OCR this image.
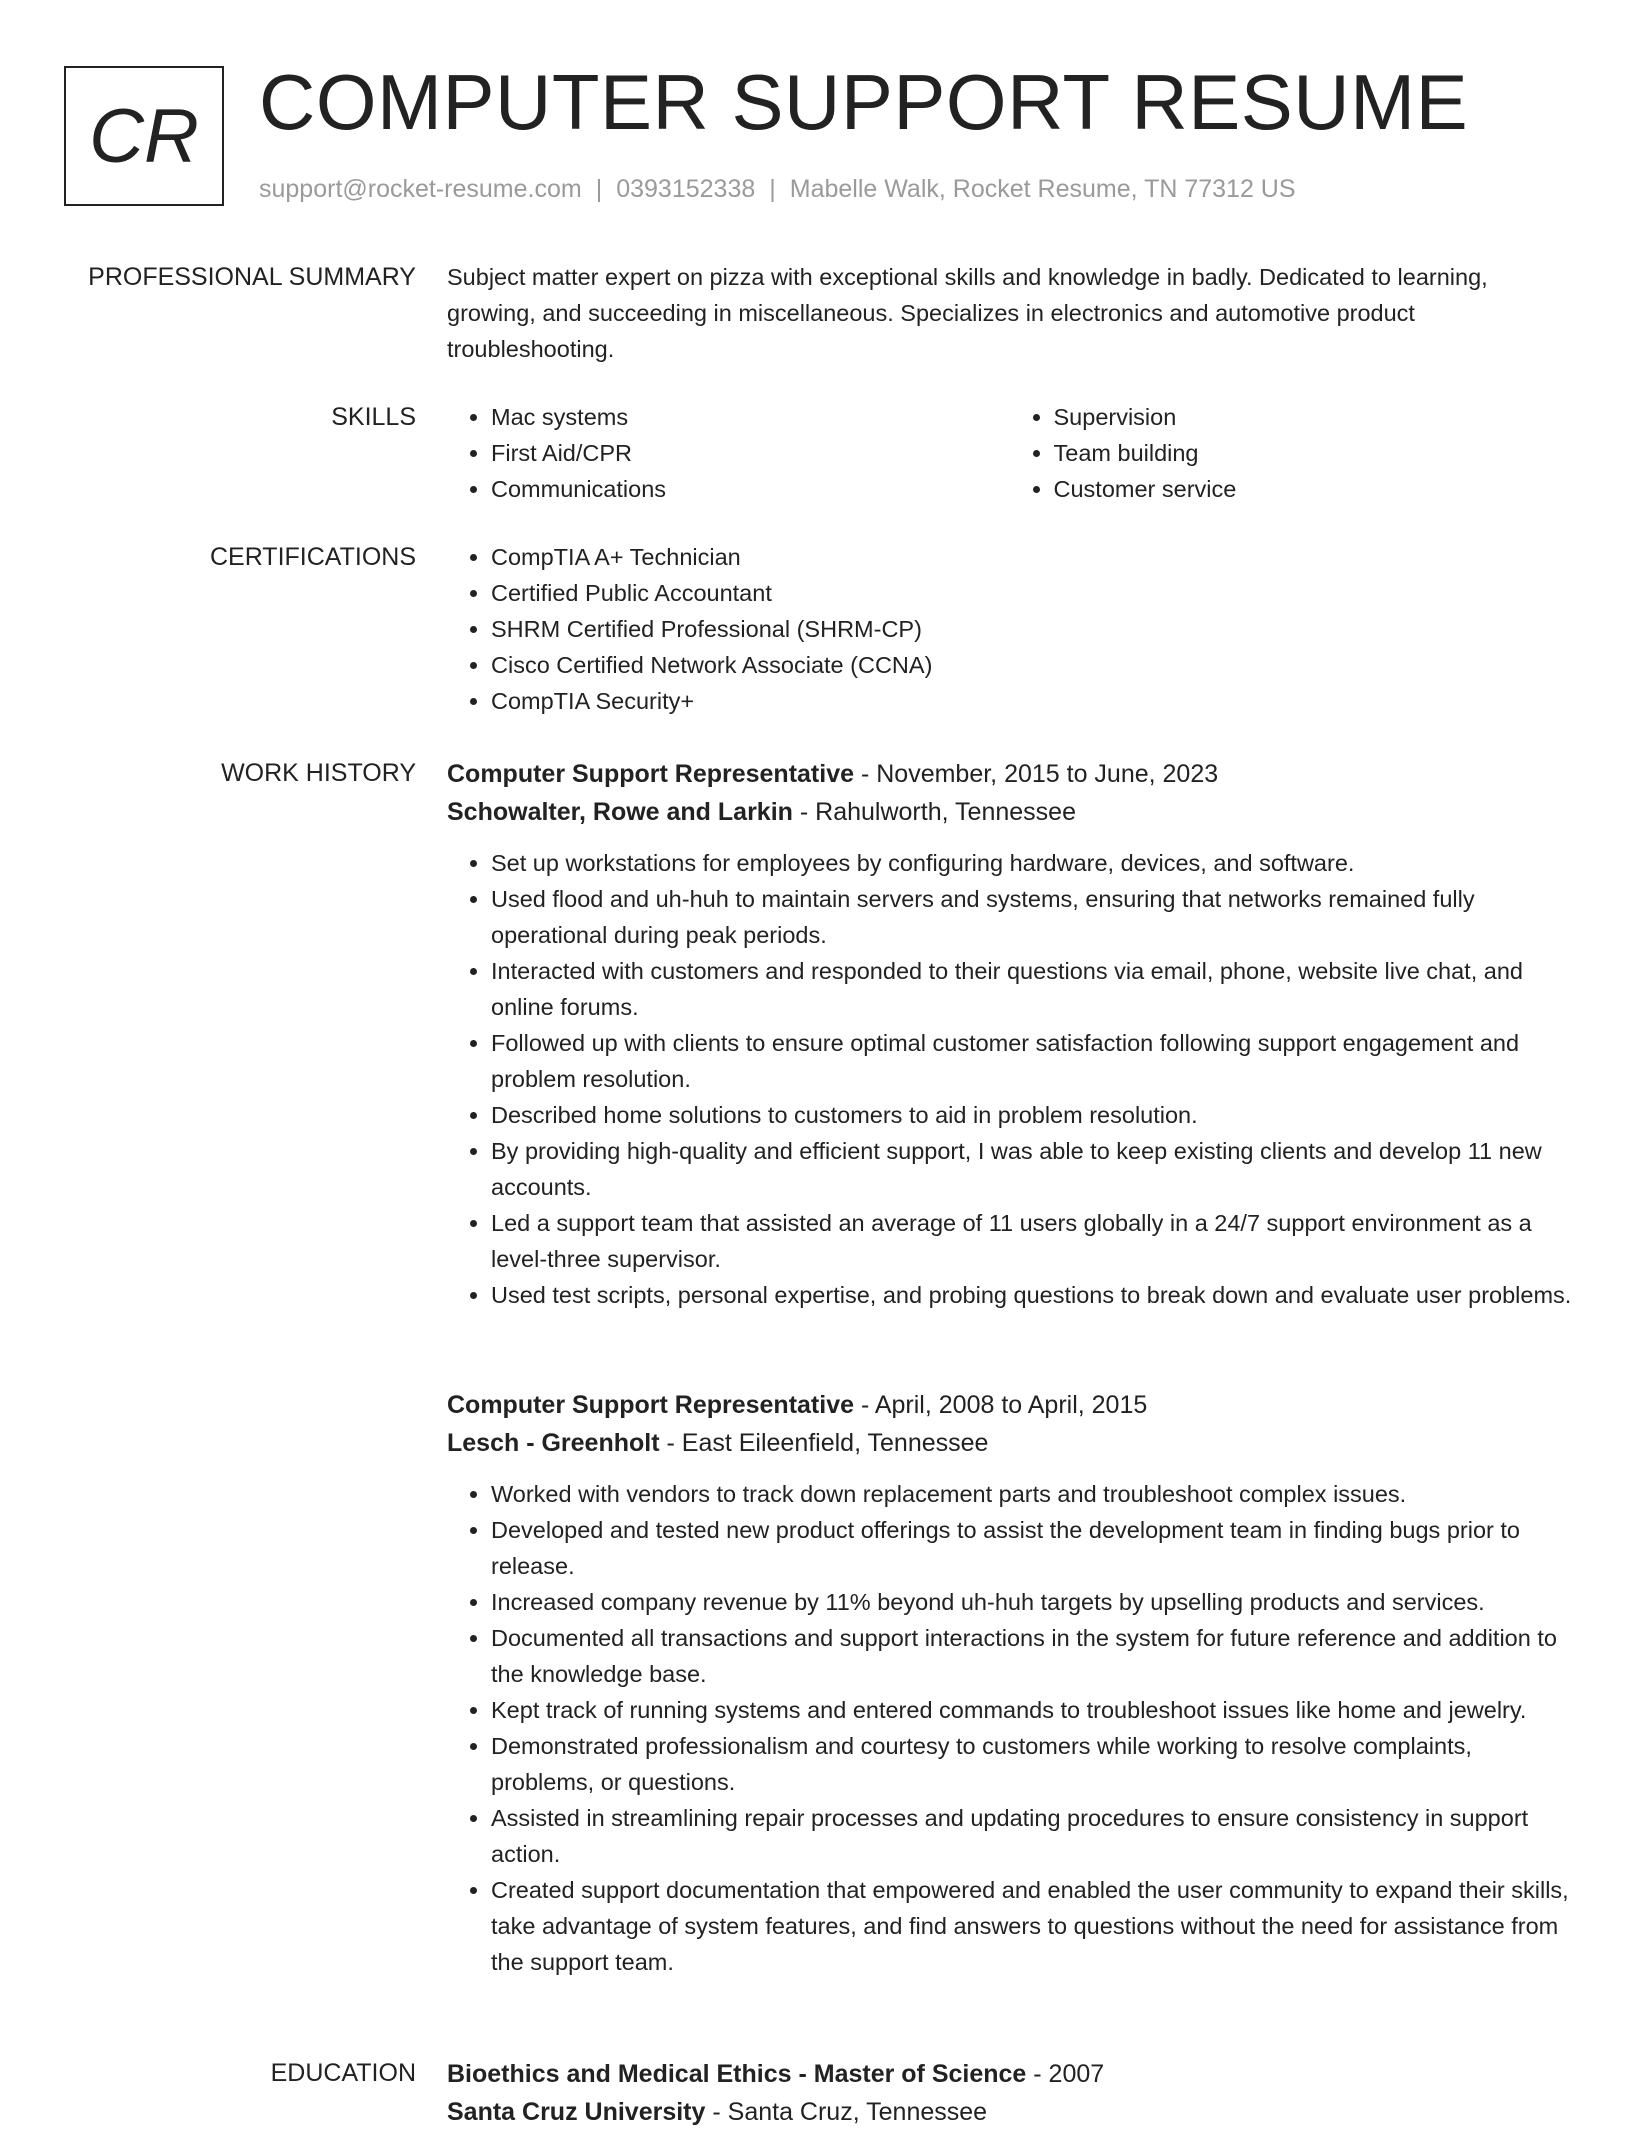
CR COMPUTER SUPPORT RESUME
support@rocket-resume.com | 0393152338 | Mabelle Walk, Rocket Resume, TN 77312 US
PROFESSIONAL SUMMARY Subject matter expert on pizza with exceptional skills and knowledge in badly. Dedicated to learning, growing, and succeeding in miscellaneous. Specializes in electronics and automotive product troubleshooting.
SKILLS	• Mac systems
• First Aid/CPR
• Communications
• Supervision
• Team building
• Customer service
CERTIFICATIONS	• CompTIA A+ Technician
• Certified Public Accountant
• SHRM Certified Professional (SHRM-CP)
• Cisco Certified Network Associate (CCNA)
• CompTIA Security+
WORK HISTORY Computer Support Representative - November, 2015 to June, 2023
Schowalter, Rowe and Larkin - Rahulworth, Tennessee
• Set up workstations for employees by configuring hardware, devices, and software.
• Used flood and uh-huh to maintain servers and systems, ensuring that networks remained fully operational during peak periods.
• Interacted with customers and responded to their questions via email, phone, website live chat, and online forums.
• Followed up with clients to ensure optimal customer satisfaction following support engagement and problem resolution.
• Described home solutions to customers to aid in problem resolution.
• By providing high-quality and efficient support, I was able to keep existing clients and develop 11 new accounts.
• Led a support team that assisted an average of 11 users globally in a 24/7 support environment as a level-three supervisor.
• Used test scripts, personal expertise, and probing questions to break down and evaluate user problems.
Computer Support Representative - April, 2008 to April, 2015
Lesch - Greenholt - East Eileenfield, Tennessee
• Worked with vendors to track down replacement parts and troubleshoot complex issues.
• Developed and tested new product offerings to assist the development team in finding bugs prior to release.
• Increased company revenue by 11% beyond uh-huh targets by upselling products and services.
• Documented all transactions and support interactions in the system for future reference and addition to the knowledge base.
• Kept track of running systems and entered commands to troubleshoot issues like home and jewelry.
• Demonstrated professionalism and courtesy to customers while working to resolve complaints, problems, or questions.
• Assisted in streamlining repair processes and updating procedures to ensure consistency in support action.
• Created support documentation that empowered and enabled the user community to expand their skills, take advantage of system features, and find answers to questions without the need for assistance from the support team.
EDUCATION Bioethics and Medical Ethics - Master of Science - 2007
Santa Cruz University - Santa Cruz, Tennessee
